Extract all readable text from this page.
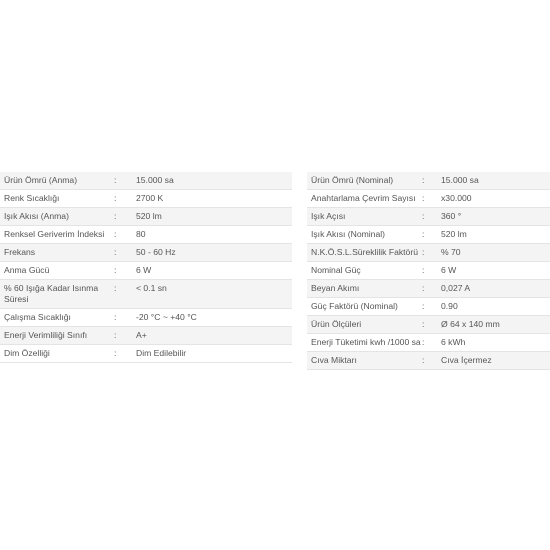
Ürün Ömrü (Anma)	:	15.000 sa
Renk Sıcaklığı	:	2700 K
Işık Akısı (Anma)	:	520 lm
Renksel Geriverim İndeksi	:	80
Frekans	:	50 - 60 Hz
Anma Gücü	:	6 W
% 60 Işığa Kadar Isınma Süresi	:	< 0.1 sn
Çalışma Sıcaklığı	:	-20 °C ~ +40 °C
Enerji Verimliliği Sınıfı	:	A+
Dim Özelliği	:	Dim Edilebilir
Ürün Ömrü (Nominal)	:	15.000 sa
Anahtarlama Çevrim Sayısı	:	x30.000
Işık Açısı	:	360 °
Işık Akısı (Nominal)	:	520 lm
N.K.Ö.S.L.Süreklilik Faktörü	:	% 70
Nominal Güç	:	6 W
Beyan Akımı	:	0,027 A
Güç Faktörü (Nominal)	:	0.90
Ürün Ölçüleri	:	Ø 64 x 140 mm
Enerji Tüketimi kwh /1000 sa	:	6 kWh
Cıva Miktarı	:	Cıva İçermez
